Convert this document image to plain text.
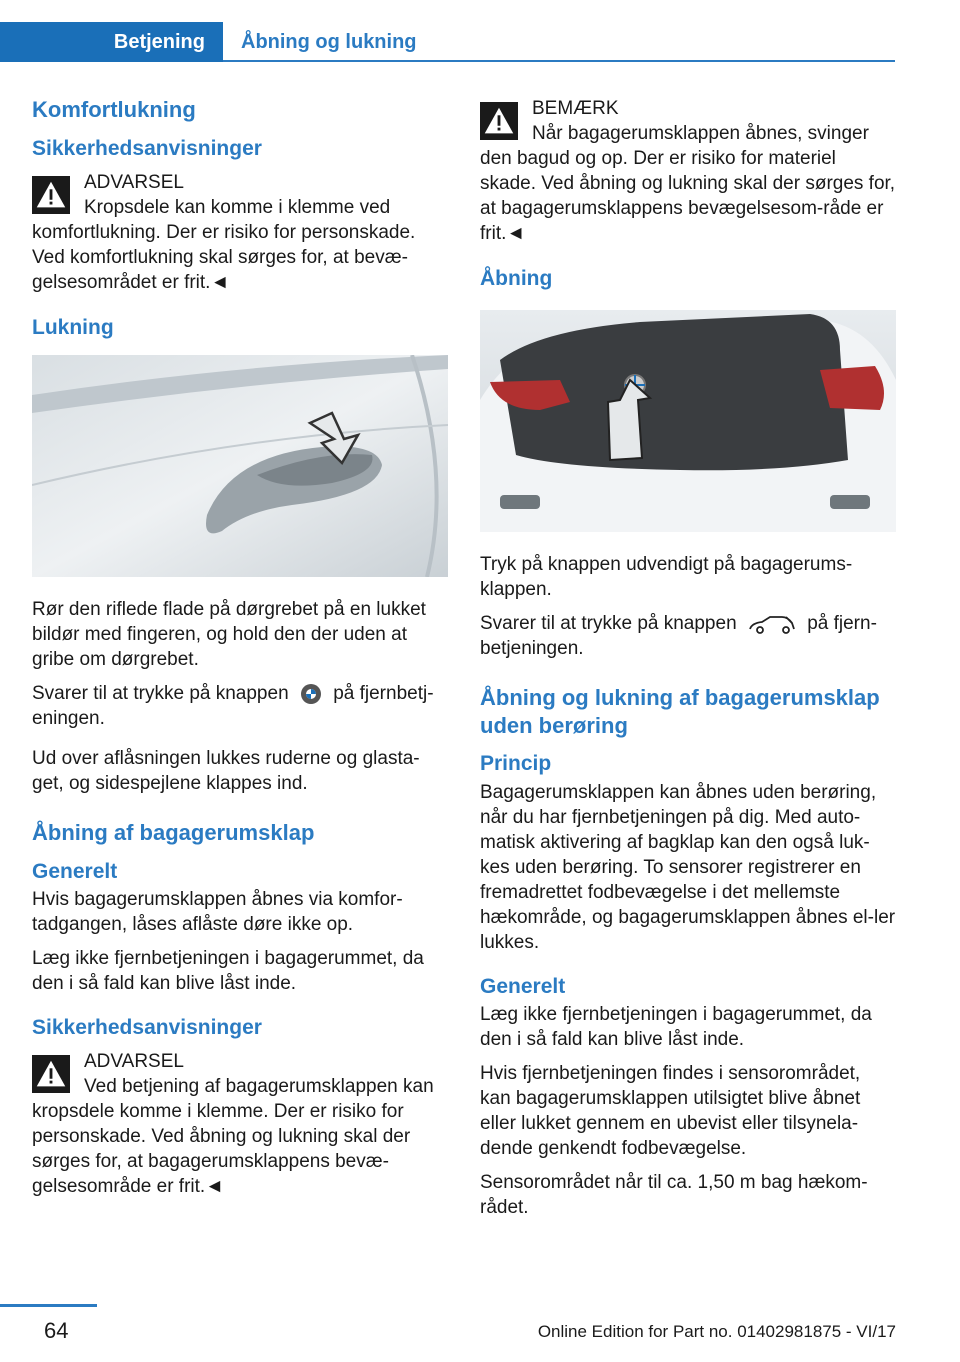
Betjening	Åbning og lukning
Komfortlukning
Sikkerhedsanvisninger
ADVARSEL
Kropsdele kan komme i klemme ved komfortlukning. Der er risiko for personskade. Ved komfortlukning skal sørges for, at bevæ-gelsesområdet er frit.◄
Lukning

Rør den riflede flade på dørgrebet på en lukket bildør med fingeren, og hold den der uden at gribe om dørgrebet.

Svarer til at trykke på knappen på fjernbetj-eningen.

Ud over aflåsningen lukkes ruderne og glasta-get, og sidespejlene klappes ind.

Åbning af bagagerumsklap
Generelt

Hvis bagagerumsklappen åbnes via komfor-tadgangen, låses aflåste døre ikke op.

Læg ikke fjernbetjeningen i bagagerummet, da den i så fald kan blive låst inde.

Sikkerhedsanvisninger
ADVARSEL
Ved betjening af bagagerumsklappen kan kropsdele komme i klemme. Der er risiko for personskade. Ved åbning og lukning skal der sørges for, at bagagerumsklappens bevæ-gelsesområde er frit.◄
BEMÆRK
Når bagagerumsklappen åbnes, svinger den bagud og op. Der er risiko for materiel skade. Ved åbning og lukning skal der sørges for, at bagagerumsklappens bevægelsesom-råde er frit.◄
Åbning

Tryk på knappen udvendigt på bagagerums-klappen.

Svarer til at trykke på knappen	på fjern-betjeningen.

Åbning og lukning af bagagerumsklap uden berøring
Princip

Bagagerumsklappen kan åbnes uden berøring, når du har fjernbetjeningen på dig. Med auto-matisk aktivering af bagklap kan den også luk-kes uden berøring. To sensorer registrerer en fremadrettet fodbevægelse i det mellemste hækområde, og bagagerumsklappen åbnes el-ler lukkes.

Generelt

Læg ikke fjernbetjeningen i bagagerummet, da den i så fald kan blive låst inde.

Hvis fjernbetjeningen findes i sensorområdet, kan bagagerumsklappen utilsigtet blive åbnet eller lukket gennem en ubevist eller tilsynela-dende genkendt fodbevægelse.

Sensorområdet når til ca. 1,50 m bag hækom-rådet.

64	Online Edition for Part no. 01402981875 - VI/17
